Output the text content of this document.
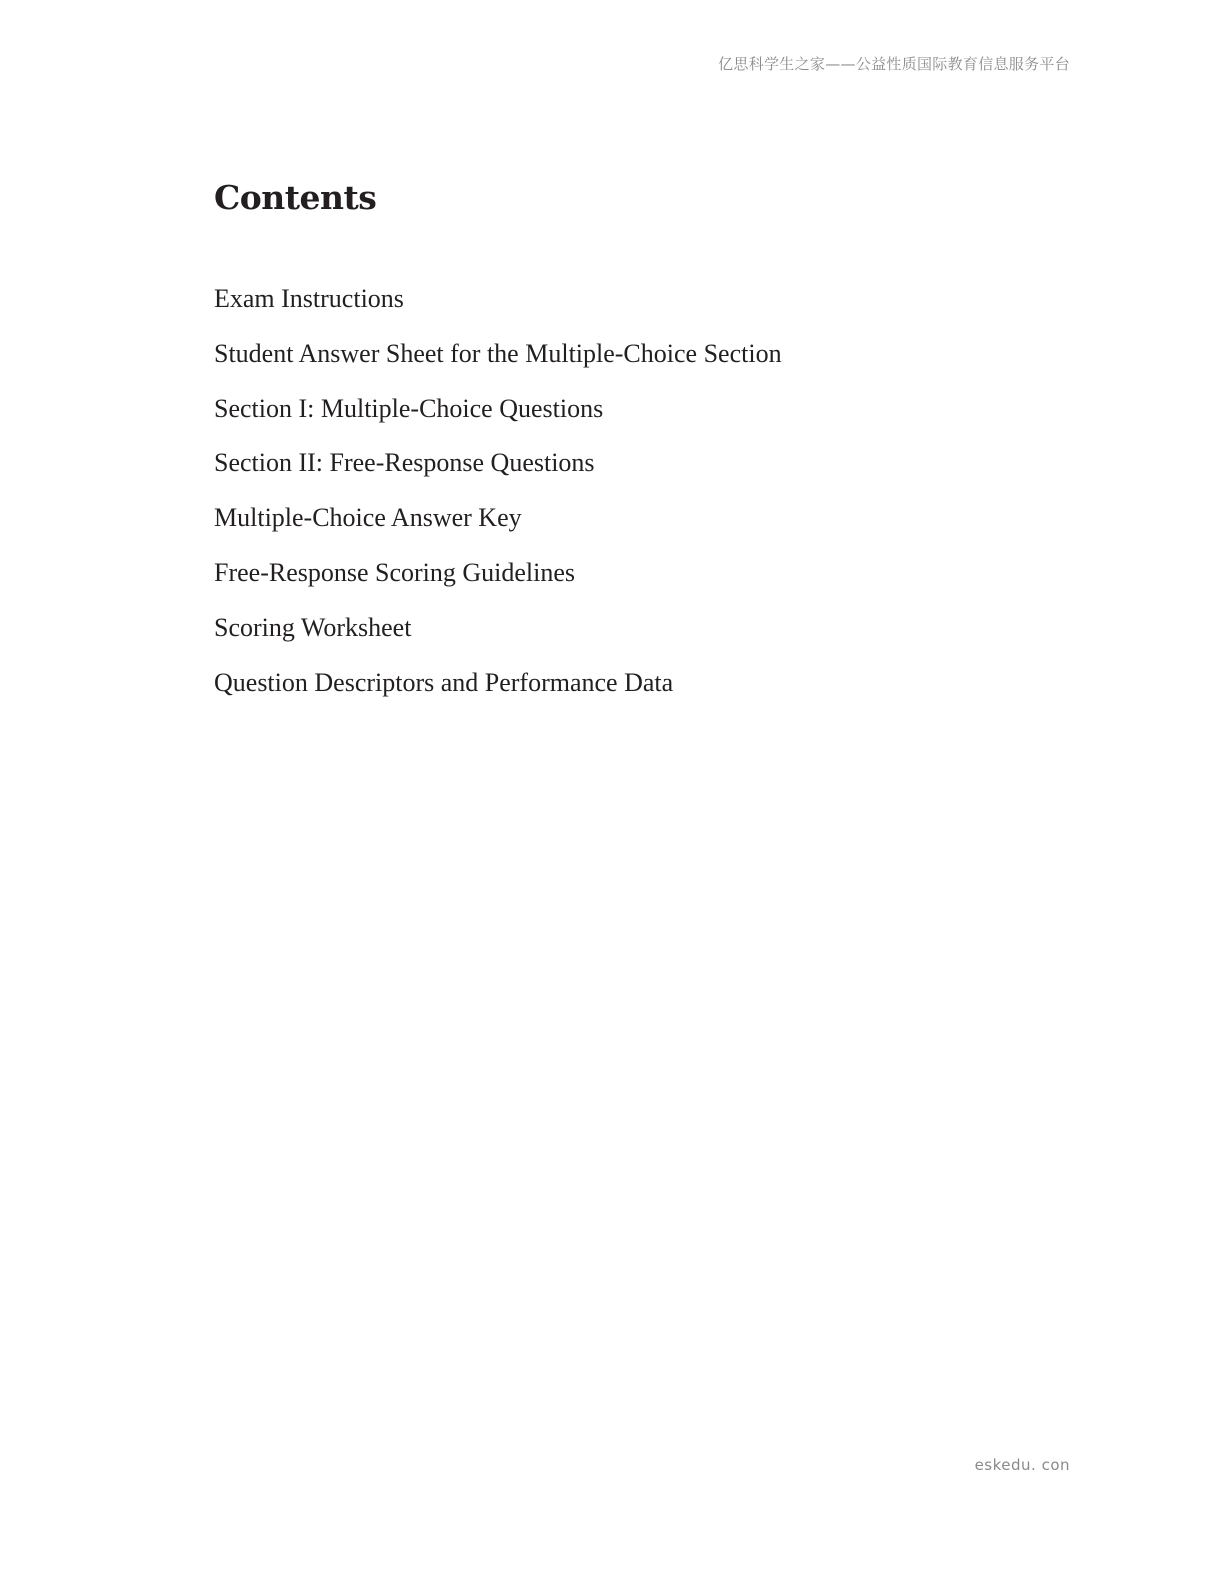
亿思科学生之家——公益性质国际教育信息服务平台
Contents
Exam Instructions
Student Answer Sheet for the Multiple-Choice Section
Section I: Multiple-Choice Questions
Section II: Free-Response Questions
Multiple-Choice Answer Key
Free-Response Scoring Guidelines
Scoring Worksheet
Question Descriptors and Performance Data
eskedu. con
